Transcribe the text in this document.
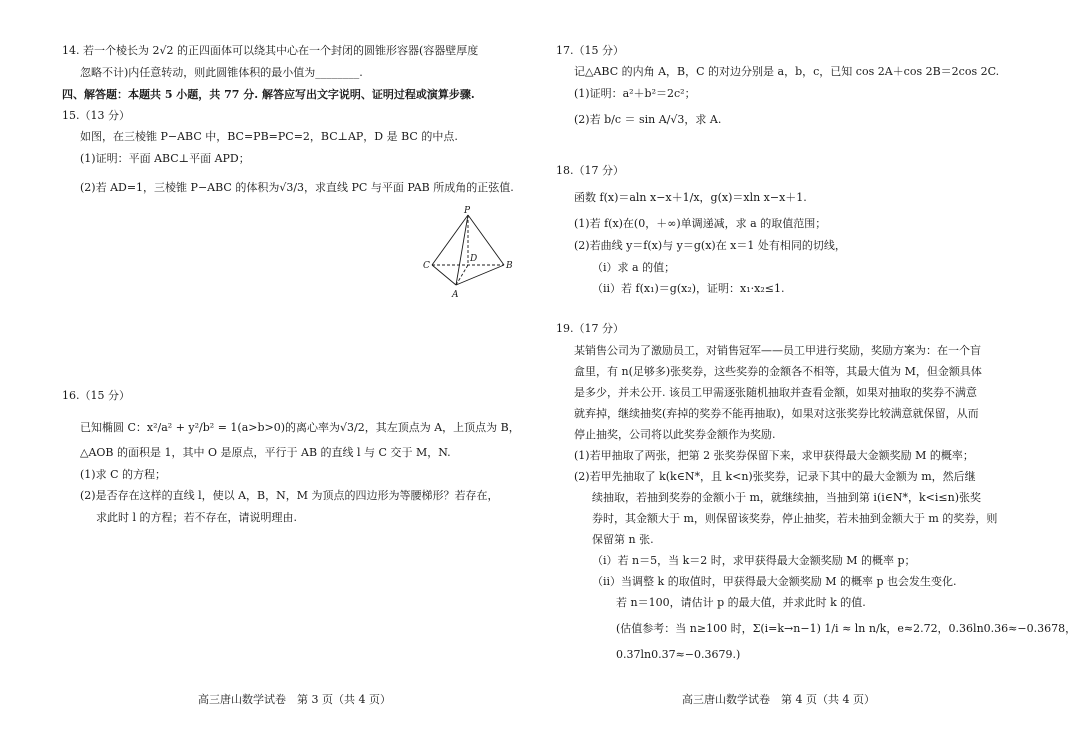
14. 若一个棱长为 2√2 的正四面体可以绕其中心在一个封闭的圆锥形容器(容器壁厚度
忽略不计)内任意转动，则此圆锥体积的最小值为________.
四、解答题：本题共 5 小题，共 77 分. 解答应写出文字说明、证明过程或演算步骤.
15.（13 分）
如图，在三棱锥 P−ABC 中，BC=PB=PC=2，BC⊥AP，D 是 BC 的中点.
(1)证明：平面 ABC⊥平面 APD；
(2)若 AD=1，三棱锥 P−ABC 的体积为√3/3，求直线 PC 与平面 PAB 所成角的正弦值.
P
C
D
B
A
16.（15 分）
已知椭圆 C：x²/a² + y²/b² = 1(a>b>0)的离心率为√3/2，其左顶点为 A，上顶点为 B，
△AOB 的面积是 1，其中 O 是原点，平行于 AB 的直线 l 与 C 交于 M，N.
(1)求 C 的方程；
(2)是否存在这样的直线 l，使以 A，B，N，M 为顶点的四边形为等腰梯形？若存在，
求此时 l 的方程；若不存在，请说明理由.
高三唐山数学试卷　第 3 页（共 4 页）
17.（15 分）
记△ABC 的内角 A，B，C 的对边分别是 a，b，c，已知 cos 2A＋cos 2B＝2cos 2C.
(1)证明：a²＋b²＝2c²；
(2)若 b/c ＝ sin A/√3，求 A.
18.（17 分）
函数 f(x)＝aln x−x＋1/x，g(x)＝xln x−x＋1.
(1)若 f(x)在(0，＋∞)单调递减，求 a 的取值范围；
(2)若曲线 y＝f(x)与 y＝g(x)在 x＝1 处有相同的切线，
（ⅰ）求 a 的值；
（ⅱ）若 f(x₁)＝g(x₂)，证明：x₁·x₂≤1.
19.（17 分）
某销售公司为了激励员工，对销售冠军——员工甲进行奖励，奖励方案为：在一个盲
盒里，有 n(足够多)张奖券，这些奖券的金额各不相等，其最大值为 M，但金额具体
是多少，并未公开. 该员工甲需逐张随机抽取并查看金额，如果对抽取的奖券不满意
就弃掉，继续抽奖(弃掉的奖券不能再抽取)，如果对这张奖券比较满意就保留，从而
停止抽奖，公司将以此奖券金额作为奖励.
(1)若甲抽取了两张，把第 2 张奖券保留下来，求甲获得最大金额奖励 M 的概率；
(2)若甲先抽取了 k(k∈N*，且 k<n)张奖券，记录下其中的最大金额为 m，然后继
续抽取，若抽到奖券的金额小于 m，就继续抽，当抽到第 i(i∈N*，k<i≤n)张奖
券时，其金额大于 m，则保留该奖券，停止抽奖，若未抽到金额大于 m 的奖券，则
保留第 n 张.
（ⅰ）若 n＝5，当 k＝2 时，求甲获得最大金额奖励 M 的概率 p；
（ⅱ）当调整 k 的取值时，甲获得最大金额奖励 M 的概率 p 也会发生变化.
若 n＝100，请估计 p 的最大值，并求此时 k 的值.
(估值参考：当 n≥100 时，Σ(i=k→n−1) 1/i ≈ ln n/k，e≈2.72，0.36ln0.36≈−0.3678，
0.37ln0.37≈−0.3679.)
高三唐山数学试卷　第 4 页（共 4 页）
